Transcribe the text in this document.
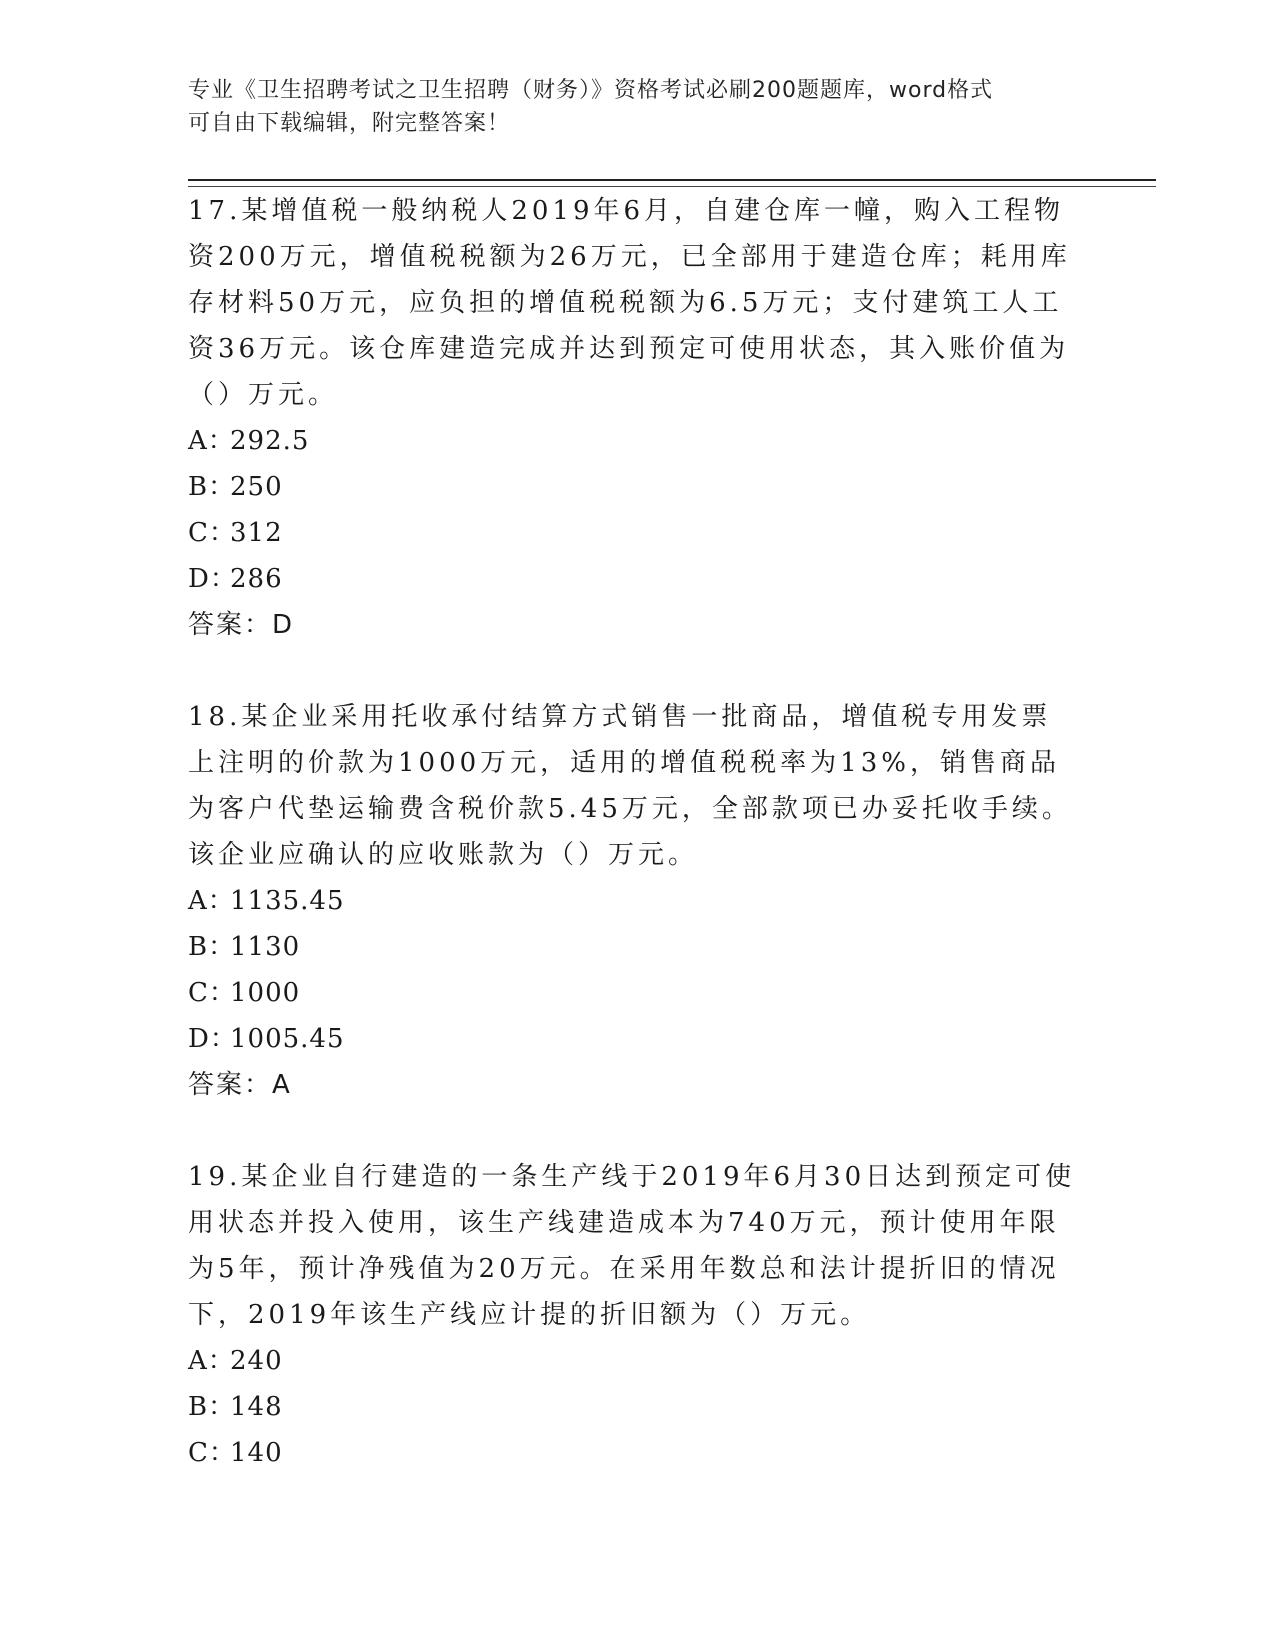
专业《卫生招聘考试之卫生招聘（财务）》资格考试必刷200题题库，word格式
可自由下载编辑，附完整答案！

17.某增值税一般纳税人2019年6月，自建仓库一幢，购入工程物资200万元，增值税税额为26万元，已全部用于建造仓库；耗用库存材料50万元，应负担的增值税税额为6.5万元；支付建筑工人工资36万元。该仓库建造完成并达到预定可使用状态，其入账价值为（）万元。

A：292.5

B：250

C：312

D：286

答案：D

18.某企业采用托收承付结算方式销售一批商品，增值税专用发票上注明的价款为1000万元，适用的增值税税率为13%，销售商品为客户代垫运输费含税价款5.45万元，全部款项已办妥托收手续。该企业应确认的应收账款为（）万元。

A：1135.45

B：1130

C：1000

D：1005.45

答案：A

19.某企业自行建造的一条生产线于2019年6月30日达到预定可使用状态并投入使用，该生产线建造成本为740万元，预计使用年限为5年，预计净残值为20万元。在采用年数总和法计提折旧的情况下，2019年该生产线应计提的折旧额为（）万元。

A：240

B：148

C：140
